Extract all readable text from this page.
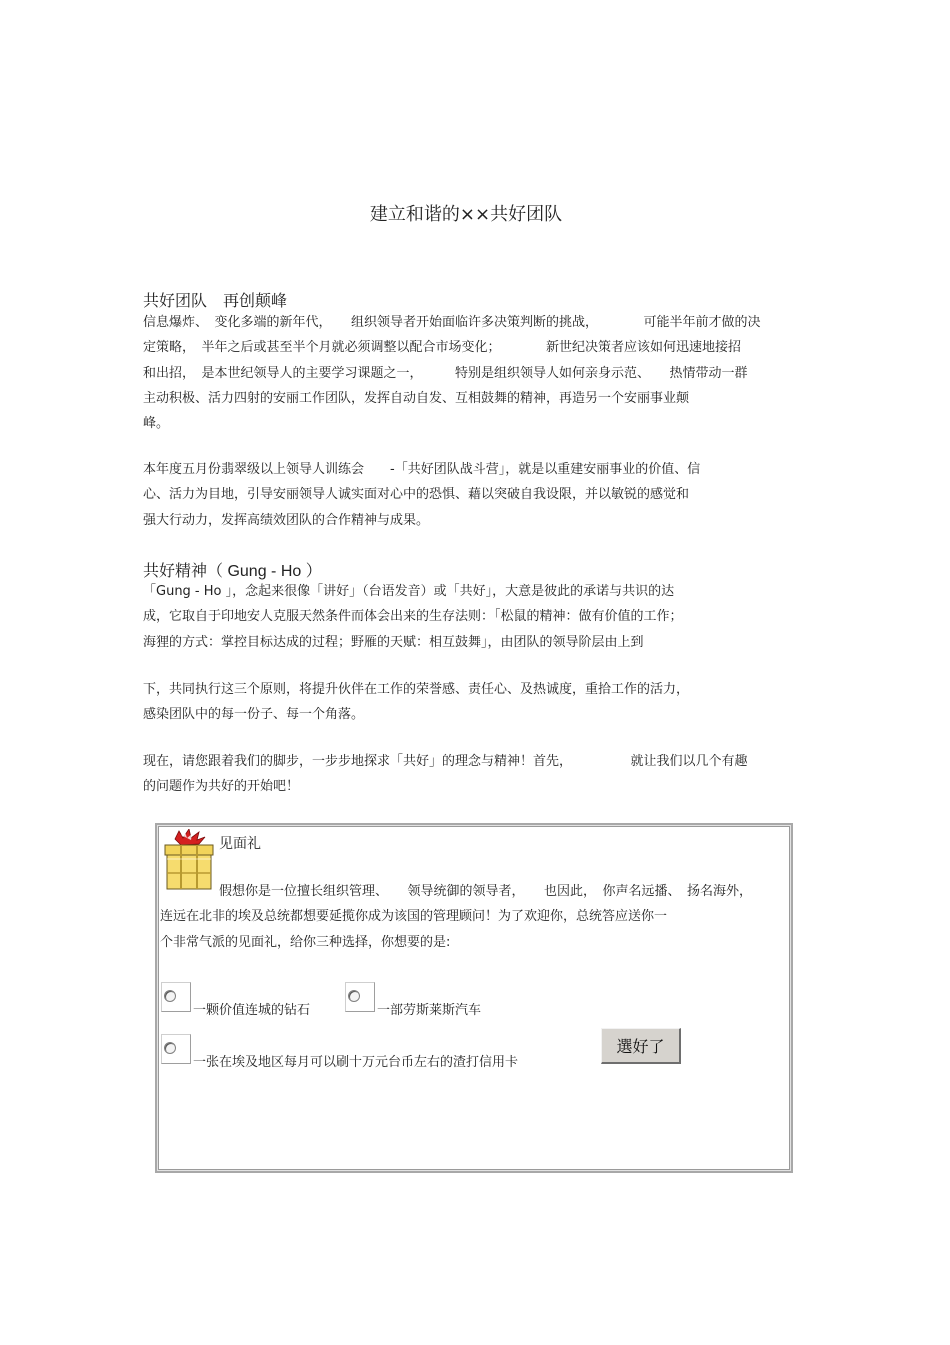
建立和谐的××共好团队
共好团队　再创颠峰
信息爆炸、　变化多端的新年代，　　组织领导者开始面临许多决策判断的挑战，　　　　可能半年前才做的决
定策略，　半年之后或甚至半个月就必须调整以配合市场变化；　　　　新世纪决策者应该如何迅速地接招
和出招，　是本世纪领导人的主要学习课题之一，　　　特别是组织领导人如何亲身示范、　　热情带动一群
主动积极、活力四射的安丽工作团队，发挥自动自发、互相鼓舞的精神，再造另一个安丽事业颠
峰。
本年度五月份翡翠级以上领导人训练会　　-「共好团队战斗营」，就是以重建安丽事业的价值、信
心、活力为目地，引导安丽领导人诚实面对心中的恐惧、藉以突破自我设限，并以敏锐的感觉和
强大行动力，发挥高绩效团队的合作精神与成果。
共好精神（ Gung - Ho ）
「Gung - Ho 」，念起来很像「讲好」（台语发音）或「共好」，大意是彼此的承诺与共识的达
成，它取自于印地安人克服天然条件而体会出来的生存法则：「松鼠的精神：做有价值的工作；
海狸的方式：掌控目标达成的过程；野雁的天赋：相互鼓舞」，由团队的领导阶层由上到
下，共同执行这三个原则，将提升伙伴在工作的荣誉感、责任心、及热诚度，重拾工作的活力，
感染团队中的每一份子、每一个角落。
现在，请您跟着我们的脚步，一步步地探求「共好」的理念与精神！首先，　　　　　就让我们以几个有趣
的问题作为共好的开始吧！
见面礼
假想你是一位擅长组织管理、　　领导统御的领导者，　　也因此，　你声名远播、　扬名海外，
连远在北非的埃及总统都想要延揽你成为该国的管理顾问！为了欢迎你，总统答应送你一
个非常气派的见面礼，给你三种选择，你想要的是:
一颗价值连城的钻石	一部劳斯莱斯汽车
一张在埃及地区每月可以刷十万元台币左右的渣打信用卡
選好了
